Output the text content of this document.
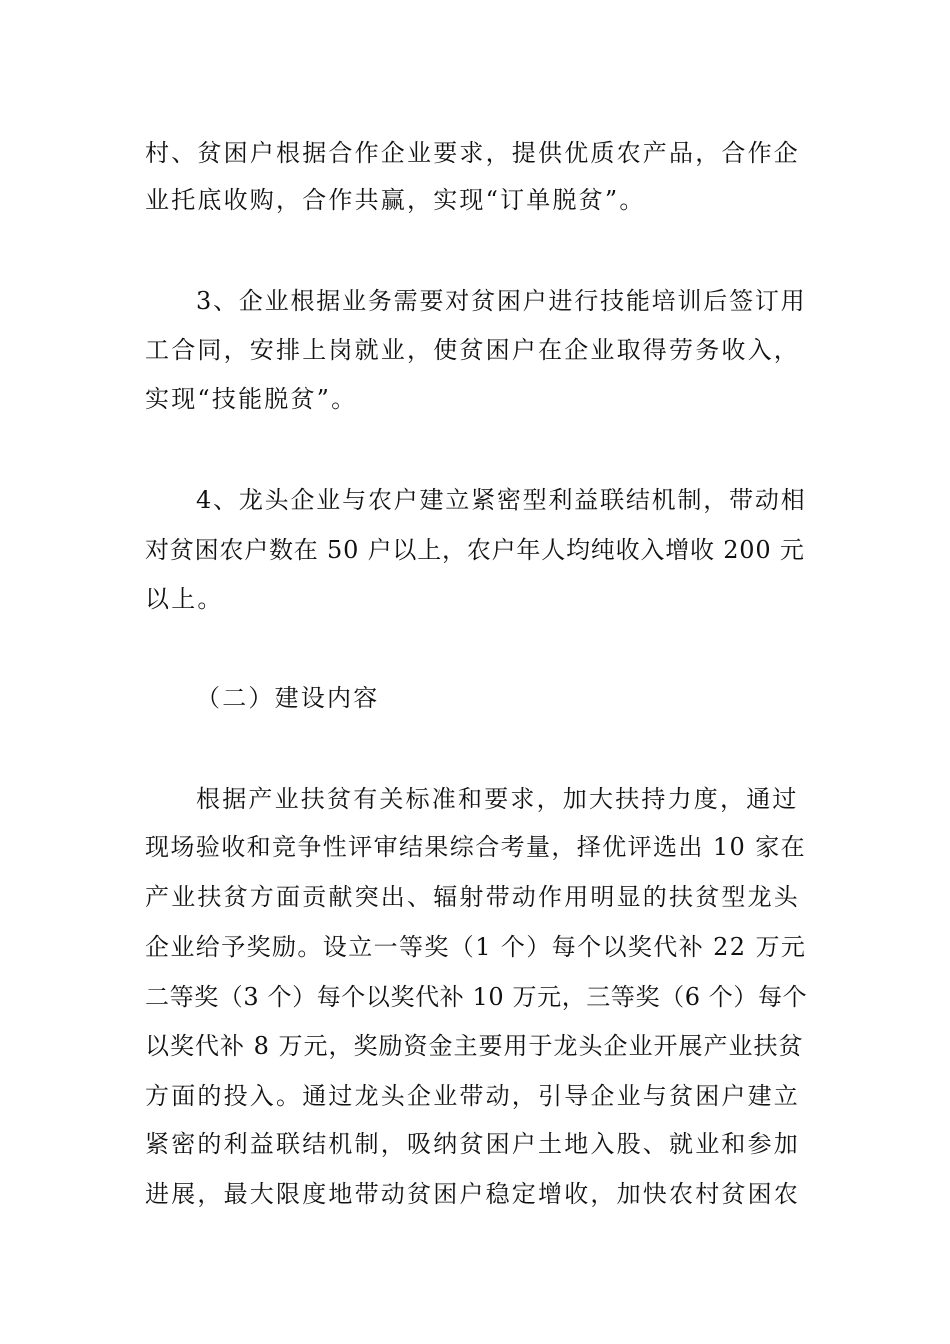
村、贫困户根据合作企业要求，提供优质农产品，合作企
业托底收购，合作共赢，实现“订单脱贫”。
3、企业根据业务需要对贫困户进行技能培训后签订用
工合同，安排上岗就业，使贫困户在企业取得劳务收入，
实现“技能脱贫”。
4、龙头企业与农户建立紧密型利益联结机制，带动相
对贫困农户数在 50 户以上，农户年人均纯收入增收 200 元
以上。
（二）建设内容
根据产业扶贫有关标准和要求，加大扶持力度，通过
现场验收和竞争性评审结果综合考量，择优评选出 10 家在
产业扶贫方面贡献突出、辐射带动作用明显的扶贫型龙头
企业给予奖励。设立一等奖（1 个）每个以奖代补 22 万元
二等奖（3 个）每个以奖代补 10 万元，三等奖（6 个）每个
以奖代补 8 万元，奖励资金主要用于龙头企业开展产业扶贫
方面的投入。通过龙头企业带动，引导企业与贫困户建立
紧密的利益联结机制，吸纳贫困户土地入股、就业和参加
进展，最大限度地带动贫困户稳定增收，加快农村贫困农
